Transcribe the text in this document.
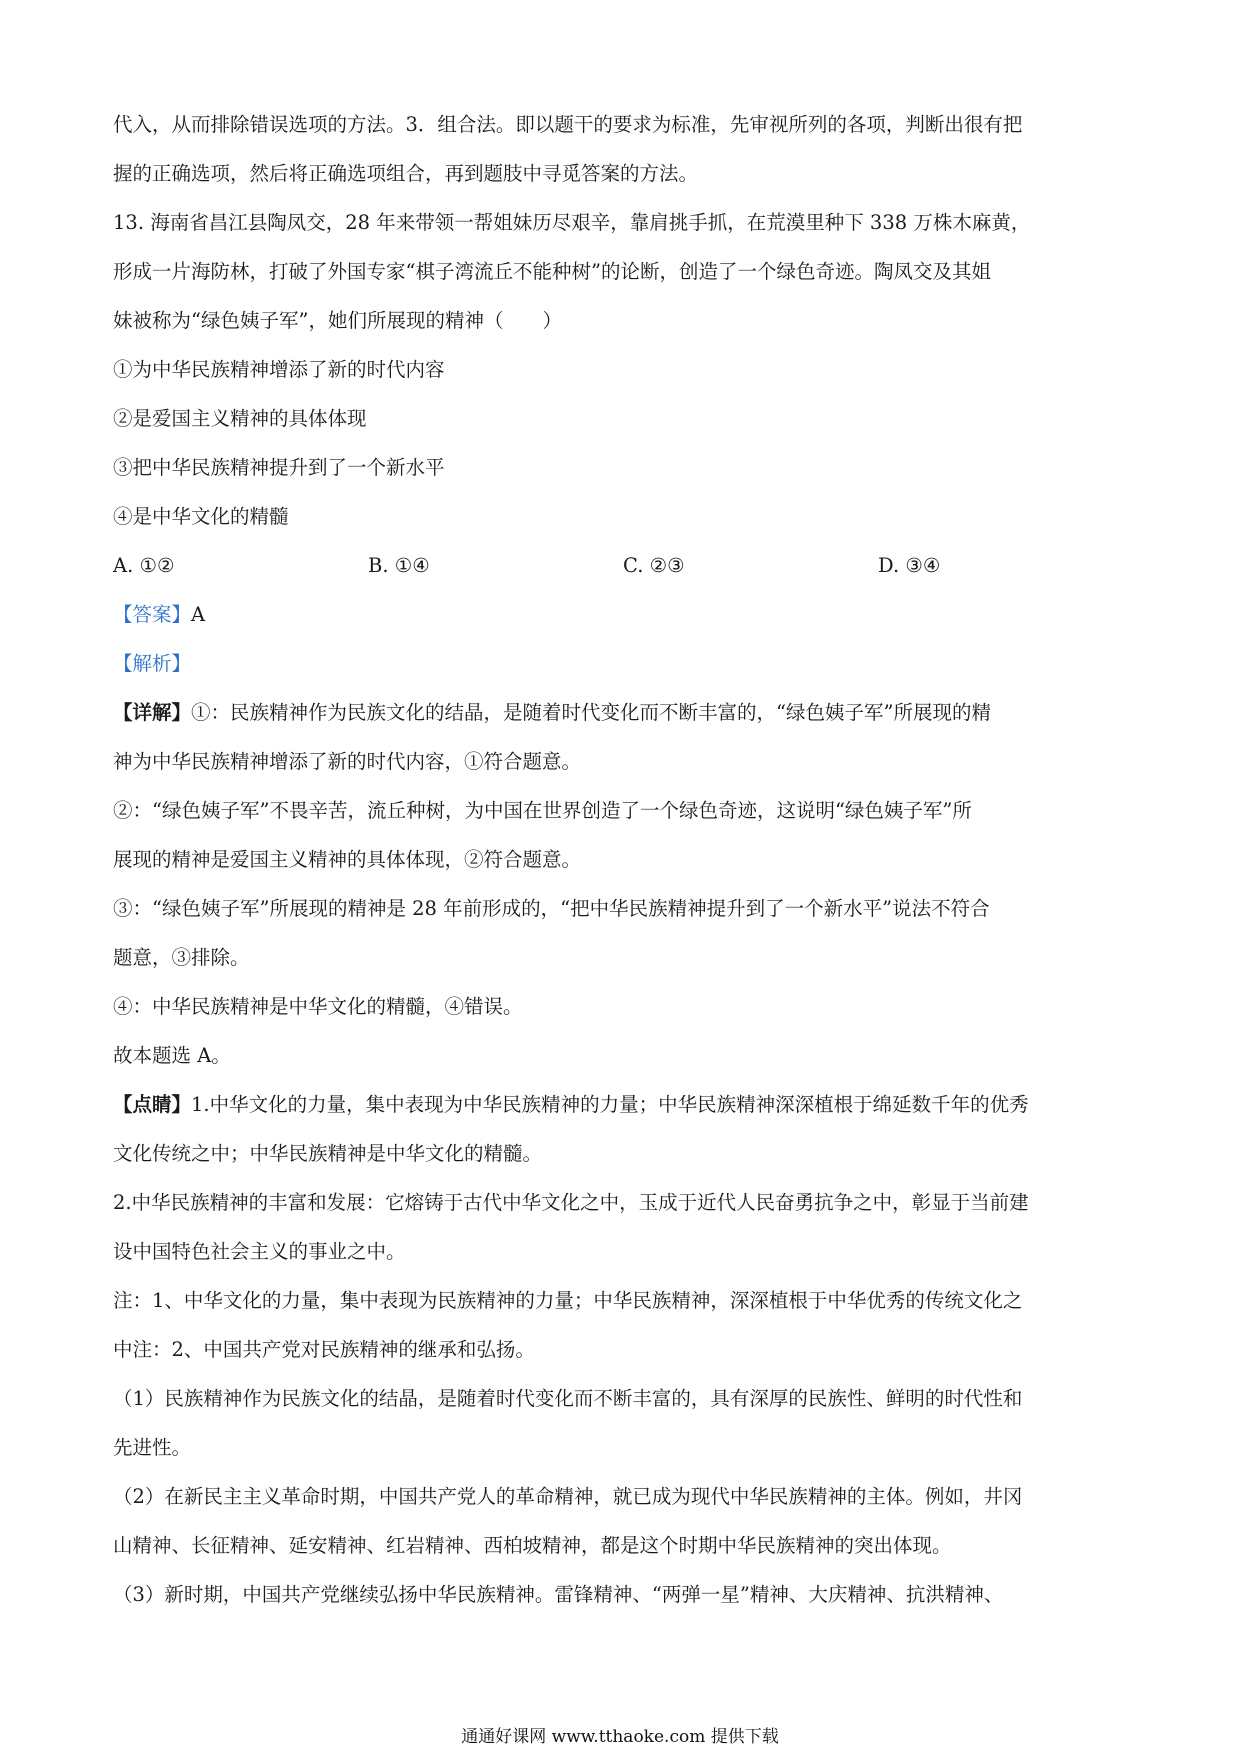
代入，从而排除错误选项的方法。3．组合法。即以题干的要求为标准，先审视所列的各项，判断出很有把
握的正确选项，然后将正确选项组合，再到题肢中寻觅答案的方法。
13. 海南省昌江县陶凤交，28 年来带领一帮姐妹历尽艰辛，靠肩挑手抓，在荒漠里种下 338 万株木麻黄，
形成一片海防林，打破了外国专家“棋子湾流丘不能种树”的论断，创造了一个绿色奇迹。陶凤交及其姐
妹被称为“绿色姨子军”，她们所展现的精神（　　）
①为中华民族精神增添了新的时代内容
②是爱国主义精神的具体体现
③把中华民族精神提升到了一个新水平
④是中华文化的精髓
A. ①②	B. ①④	C. ②③	D. ③④
【答案】A
【解析】
【详解】①：民族精神作为民族文化的结晶，是随着时代变化而不断丰富的，“绿色姨子军”所展现的精
神为中华民族精神增添了新的时代内容，①符合题意。
②：“绿色姨子军”不畏辛苦，流丘种树，为中国在世界创造了一个绿色奇迹，这说明“绿色姨子军”所
展现的精神是爱国主义精神的具体体现，②符合题意。
③：“绿色姨子军”所展现的精神是 28 年前形成的，“把中华民族精神提升到了一个新水平”说法不符合
题意，③排除。
④：中华民族精神是中华文化的精髓，④错误。
故本题选 A。
【点睛】1.中华文化的力量，集中表现为中华民族精神的力量；中华民族精神深深植根于绵延数千年的优秀
文化传统之中；中华民族精神是中华文化的精髓。
2.中华民族精神的丰富和发展：它熔铸于古代中华文化之中，玉成于近代人民奋勇抗争之中，彰显于当前建
设中国特色社会主义的事业之中。
注：1、中华文化的力量，集中表现为民族精神的力量；中华民族精神，深深植根于中华优秀的传统文化之
中注：2、中国共产党对民族精神的继承和弘扬。
（1）民族精神作为民族文化的结晶，是随着时代变化而不断丰富的，具有深厚的民族性、鲜明的时代性和
先进性。
（2）在新民主主义革命时期，中国共产党人的革命精神，就已成为现代中华民族精神的主体。例如，井冈
山精神、长征精神、延安精神、红岩精神、西柏坡精神，都是这个时期中华民族精神的突出体现。
（3）新时期，中国共产党继续弘扬中华民族精神。雷锋精神、“两弹一星”精神、大庆精神、抗洪精神、
通通好课网 www.tthaoke.com 提供下载
